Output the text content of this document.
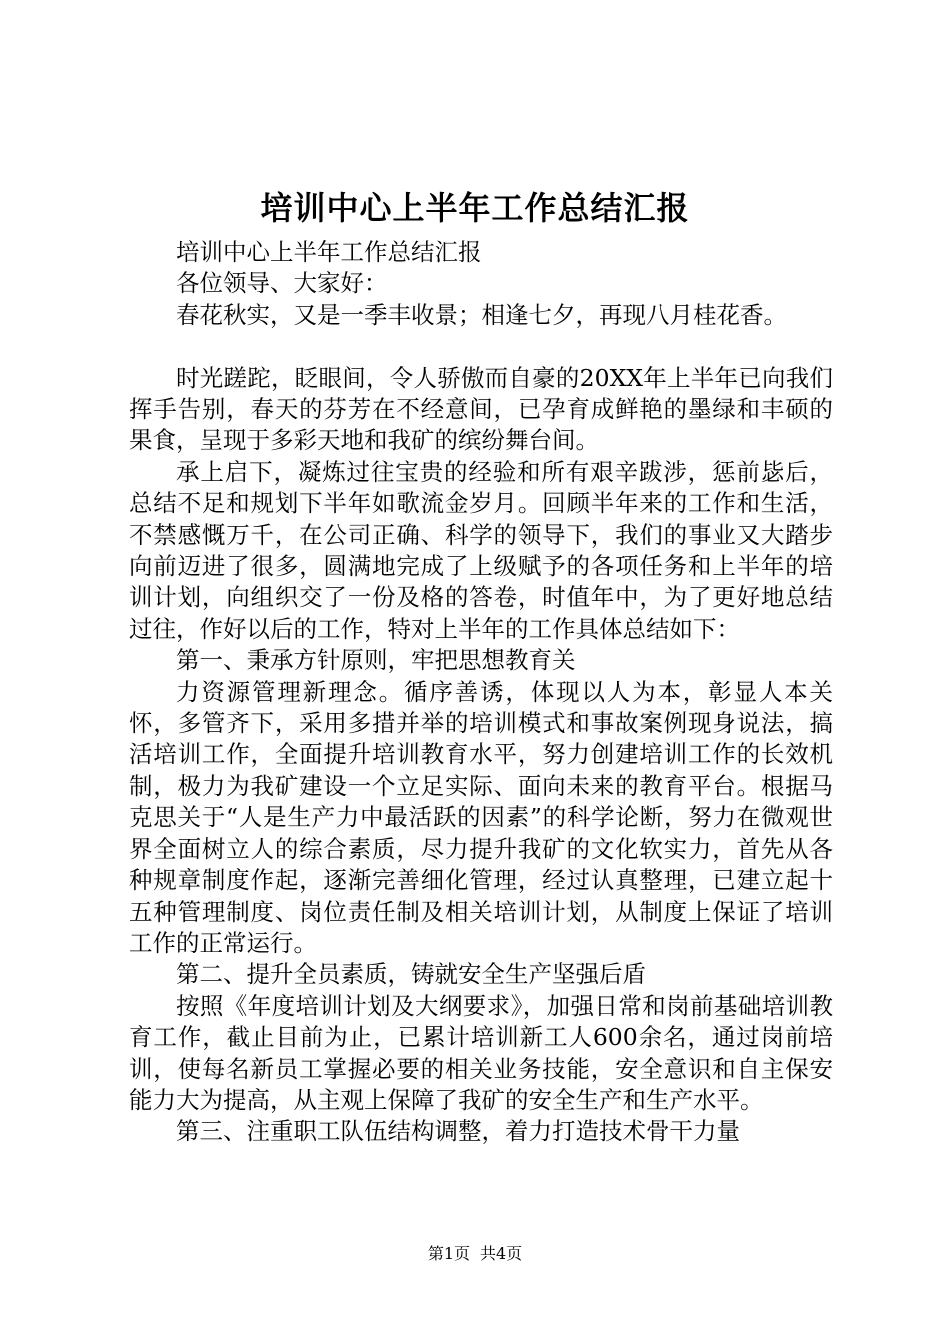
培训中心上半年工作总结汇报

培训中心上半年工作总结汇报

各位领导、大家好：

春花秋实，又是一季丰收景；相逢七夕，再现八月桂花香。

时光蹉跎，眨眼间，令人骄傲而自豪的20XX年上半年已向我们挥手告别，春天的芬芳在不经意间，已孕育成鲜艳的墨绿和丰硕的果食，呈现于多彩天地和我矿的缤纷舞台间。

承上启下，凝炼过往宝贵的经验和所有艰辛跋涉，惩前毖后，总结不足和规划下半年如歌流金岁月。回顾半年来的工作和生活，不禁感慨万千，在公司正确、科学的领导下，我们的事业又大踏步向前迈进了很多，圆满地完成了上级赋予的各项任务和上半年的培训计划，向组织交了一份及格的答卷，时值年中，为了更好地总结过往，作好以后的工作，特对上半年的工作具体总结如下：

第一、秉承方针原则，牢把思想教育关

力资源管理新理念。循序善诱，体现以人为本，彰显人本关怀，多管齐下，采用多措并举的培训模式和事故案例现身说法，搞活培训工作，全面提升培训教育水平，努力创建培训工作的长效机制，极力为我矿建设一个立足实际、面向未来的教育平台。根据马克思关于“人是生产力中最活跃的因素”的科学论断，努力在微观世界全面树立人的综合素质，尽力提升我矿的文化软实力，首先从各种规章制度作起，逐渐完善细化管理，经过认真整理，已建立起十五种管理制度、岗位责任制及相关培训计划，从制度上保证了培训工作的正常运行。

第二、提升全员素质，铸就安全生产坚强后盾

按照《年度培训计划及大纲要求》，加强日常和岗前基础培训教育工作，截止目前为止，已累计培训新工人600余名，通过岗前培训，使每名新员工掌握必要的相关业务技能，安全意识和自主保安能力大为提高，从主观上保障了我矿的安全生产和生产水平。

第三、注重职工队伍结构调整，着力打造技术骨干力量

第1页 共4页
